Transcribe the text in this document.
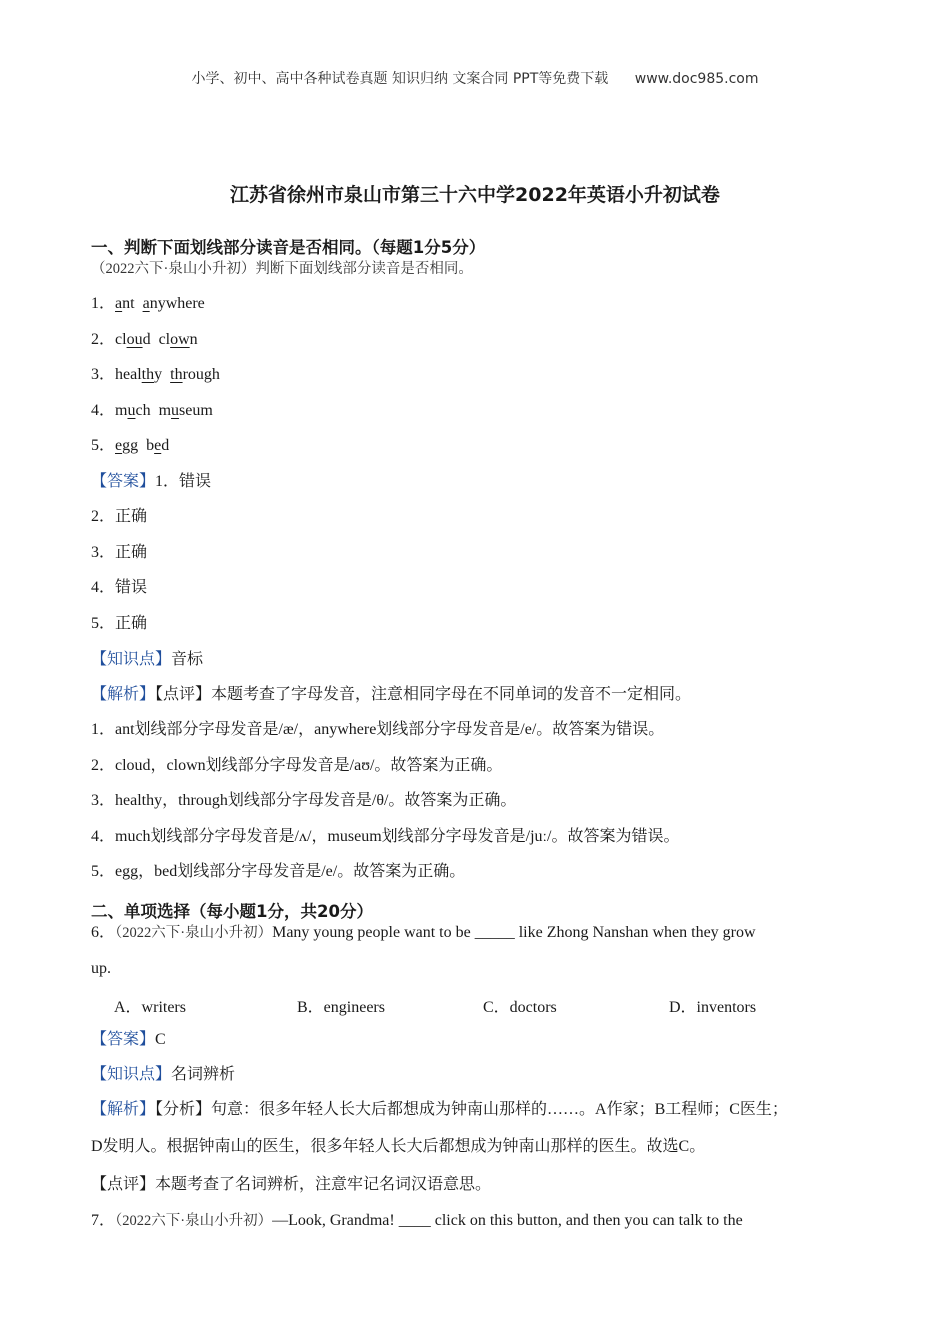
小学、初中、高中各种试卷真题 知识归纳 文案合同 PPT等免费下载 www.doc985.com
江苏省徐州市泉山市第三十六中学2022年英语小升初试卷
一、判断下面划线部分读音是否相同。（每题1分5分）
（2022六下·泉山小升初）判断下面划线部分读音是否相同。
1．ant anywhere
2．cloud clown
3．healthy through
4．much museum
5．egg bed
【答案】1．错误
2．正确
3．正确
4．错误
5．正确
【知识点】音标
【解析】【点评】本题考查了字母发音，注意相同字母在不同单词的发音不一定相同。
1．ant划线部分字母发音是/æ/，anywhere划线部分字母发音是/e/。故答案为错误。
2．cloud，clown划线部分字母发音是/aʊ/。故答案为正确。
3．healthy，through划线部分字母发音是/θ/。故答案为正确。
4．much划线部分字母发音是/ʌ/，museum划线部分字母发音是/juː/。故答案为错误。
5．egg，bed划线部分字母发音是/e/。故答案为正确。
二、单项选择（每小题1分，共20分）
6．（2022六下·泉山小升初）Many young people want to be _____ like Zhong Nanshan when they grow
up.
A．writers	B．engineers	C．doctors	D．inventors
【答案】C
【知识点】名词辨析
【解析】【分析】句意：很多年轻人长大后都想成为钟南山那样的……。A作家；B工程师；C医生；
D发明人。根据钟南山的医生，很多年轻人长大后都想成为钟南山那样的医生。故选C。
【点评】本题考查了名词辨析，注意牢记名词汉语意思。
7．（2022六下·泉山小升初）—Look, Grandma! ____ click on this button, and then you can talk to the
